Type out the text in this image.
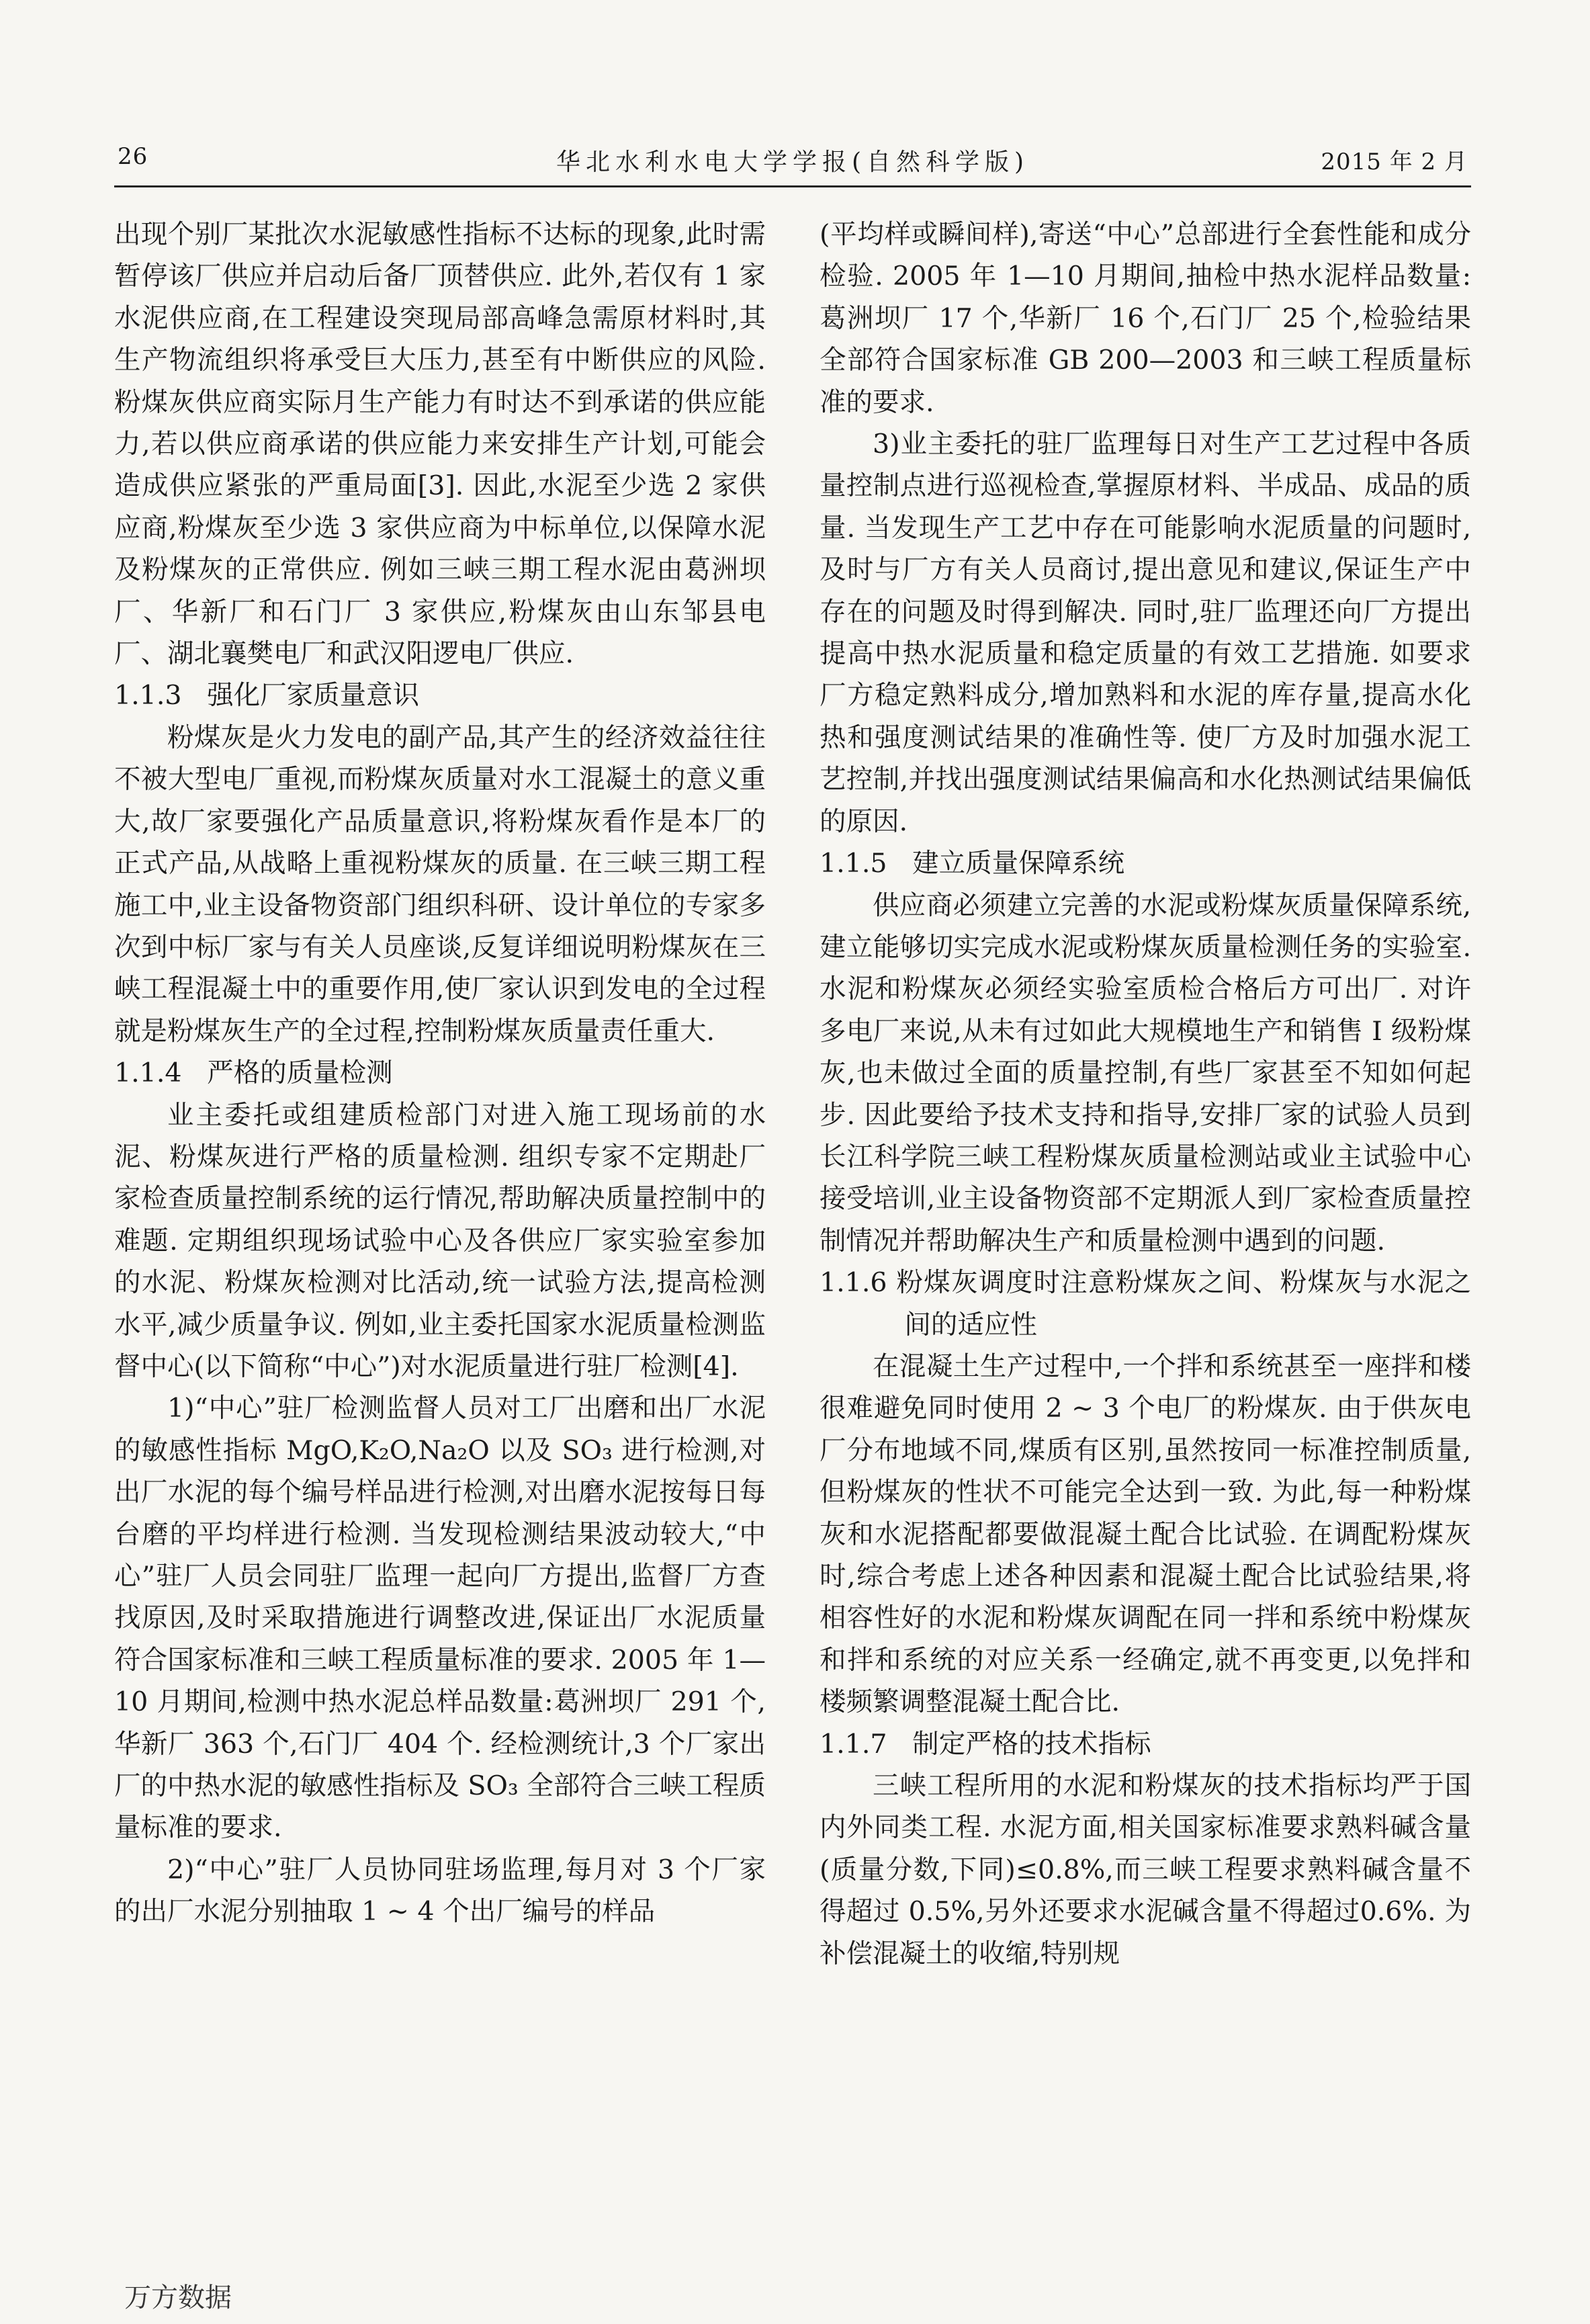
26	华北水利水电大学学报(自然科学版)	2015 年 2 月

出现个别厂某批次水泥敏感性指标不达标的现象,此时需暂停该厂供应并启动后备厂顶替供应. 此外,若仅有 1 家水泥供应商,在工程建设突现局部高峰急需原材料时,其生产物流组织将承受巨大压力,甚至有中断供应的风险. 粉煤灰供应商实际月生产能力有时达不到承诺的供应能力,若以供应商承诺的供应能力来安排生产计划,可能会造成供应紧张的严重局面[3]. 因此,水泥至少选 2 家供应商,粉煤灰至少选 3 家供应商为中标单位,以保障水泥及粉煤灰的正常供应. 例如三峡三期工程水泥由葛洲坝厂、华新厂和石门厂 3 家供应,粉煤灰由山东邹县电厂、湖北襄樊电厂和武汉阳逻电厂供应.

1.1.3   强化厂家质量意识

粉煤灰是火力发电的副产品,其产生的经济效益往往不被大型电厂重视,而粉煤灰质量对水工混凝土的意义重大,故厂家要强化产品质量意识,将粉煤灰看作是本厂的正式产品,从战略上重视粉煤灰的质量. 在三峡三期工程施工中,业主设备物资部门组织科研、设计单位的专家多次到中标厂家与有关人员座谈,反复详细说明粉煤灰在三峡工程混凝土中的重要作用,使厂家认识到发电的全过程就是粉煤灰生产的全过程,控制粉煤灰质量责任重大.

1.1.4   严格的质量检测

业主委托或组建质检部门对进入施工现场前的水泥、粉煤灰进行严格的质量检测. 组织专家不定期赴厂家检查质量控制系统的运行情况,帮助解决质量控制中的难题. 定期组织现场试验中心及各供应厂家实验室参加的水泥、粉煤灰检测对比活动,统一试验方法,提高检测水平,减少质量争议. 例如,业主委托国家水泥质量检测监督中心(以下简称“中心”)对水泥质量进行驻厂检测[4].

1)“中心”驻厂检测监督人员对工厂出磨和出厂水泥的敏感性指标 MgO,K₂O,Na₂O 以及 SO₃ 进行检测,对出厂水泥的每个编号样品进行检测,对出磨水泥按每日每台磨的平均样进行检测. 当发现检测结果波动较大,“中心”驻厂人员会同驻厂监理一起向厂方提出,监督厂方查找原因,及时采取措施进行调整改进,保证出厂水泥质量符合国家标准和三峡工程质量标准的要求. 2005 年 1—10 月期间,检测中热水泥总样品数量:葛洲坝厂 291 个,华新厂 363 个,石门厂 404 个. 经检测统计,3 个厂家出厂的中热水泥的敏感性指标及 SO₃ 全部符合三峡工程质量标准的要求.

2)“中心”驻厂人员协同驻场监理,每月对 3 个厂家的出厂水泥分别抽取 1 ~ 4 个出厂编号的样品

(平均样或瞬间样),寄送“中心”总部进行全套性能和成分检验. 2005 年 1—10 月期间,抽检中热水泥样品数量:葛洲坝厂 17 个,华新厂 16 个,石门厂 25 个,检验结果全部符合国家标准 GB 200—2003 和三峡工程质量标准的要求.

3)业主委托的驻厂监理每日对生产工艺过程中各质量控制点进行巡视检查,掌握原材料、半成品、成品的质量. 当发现生产工艺中存在可能影响水泥质量的问题时,及时与厂方有关人员商讨,提出意见和建议,保证生产中存在的问题及时得到解决. 同时,驻厂监理还向厂方提出提高中热水泥质量和稳定质量的有效工艺措施. 如要求厂方稳定熟料成分,增加熟料和水泥的库存量,提高水化热和强度测试结果的准确性等. 使厂方及时加强水泥工艺控制,并找出强度测试结果偏高和水化热测试结果偏低的原因.

1.1.5   建立质量保障系统

供应商必须建立完善的水泥或粉煤灰质量保障系统,建立能够切实完成水泥或粉煤灰质量检测任务的实验室. 水泥和粉煤灰必须经实验室质检合格后方可出厂. 对许多电厂来说,从未有过如此大规模地生产和销售 Ⅰ 级粉煤灰,也未做过全面的质量控制,有些厂家甚至不知如何起步. 因此要给予技术支持和指导,安排厂家的试验人员到长江科学院三峡工程粉煤灰质量检测站或业主试验中心接受培训,业主设备物资部不定期派人到厂家检查质量控制情况并帮助解决生产和质量检测中遇到的问题.

1.1.6 粉煤灰调度时注意粉煤灰之间、粉煤灰与水泥之间的适应性

在混凝土生产过程中,一个拌和系统甚至一座拌和楼很难避免同时使用 2 ~ 3 个电厂的粉煤灰. 由于供灰电厂分布地域不同,煤质有区别,虽然按同一标准控制质量,但粉煤灰的性状不可能完全达到一致. 为此,每一种粉煤灰和水泥搭配都要做混凝土配合比试验. 在调配粉煤灰时,综合考虑上述各种因素和混凝土配合比试验结果,将相容性好的水泥和粉煤灰调配在同一拌和系统中粉煤灰和拌和系统的对应关系一经确定,就不再变更,以免拌和楼频繁调整混凝土配合比.

1.1.7   制定严格的技术指标

三峡工程所用的水泥和粉煤灰的技术指标均严于国内外同类工程. 水泥方面,相关国家标准要求熟料碱含量(质量分数,下同)≤0.8%,而三峡工程要求熟料碱含量不得超过 0.5%,另外还要求水泥碱含量不得超过0.6%. 为补偿混凝土的收缩,特别规

万方数据
